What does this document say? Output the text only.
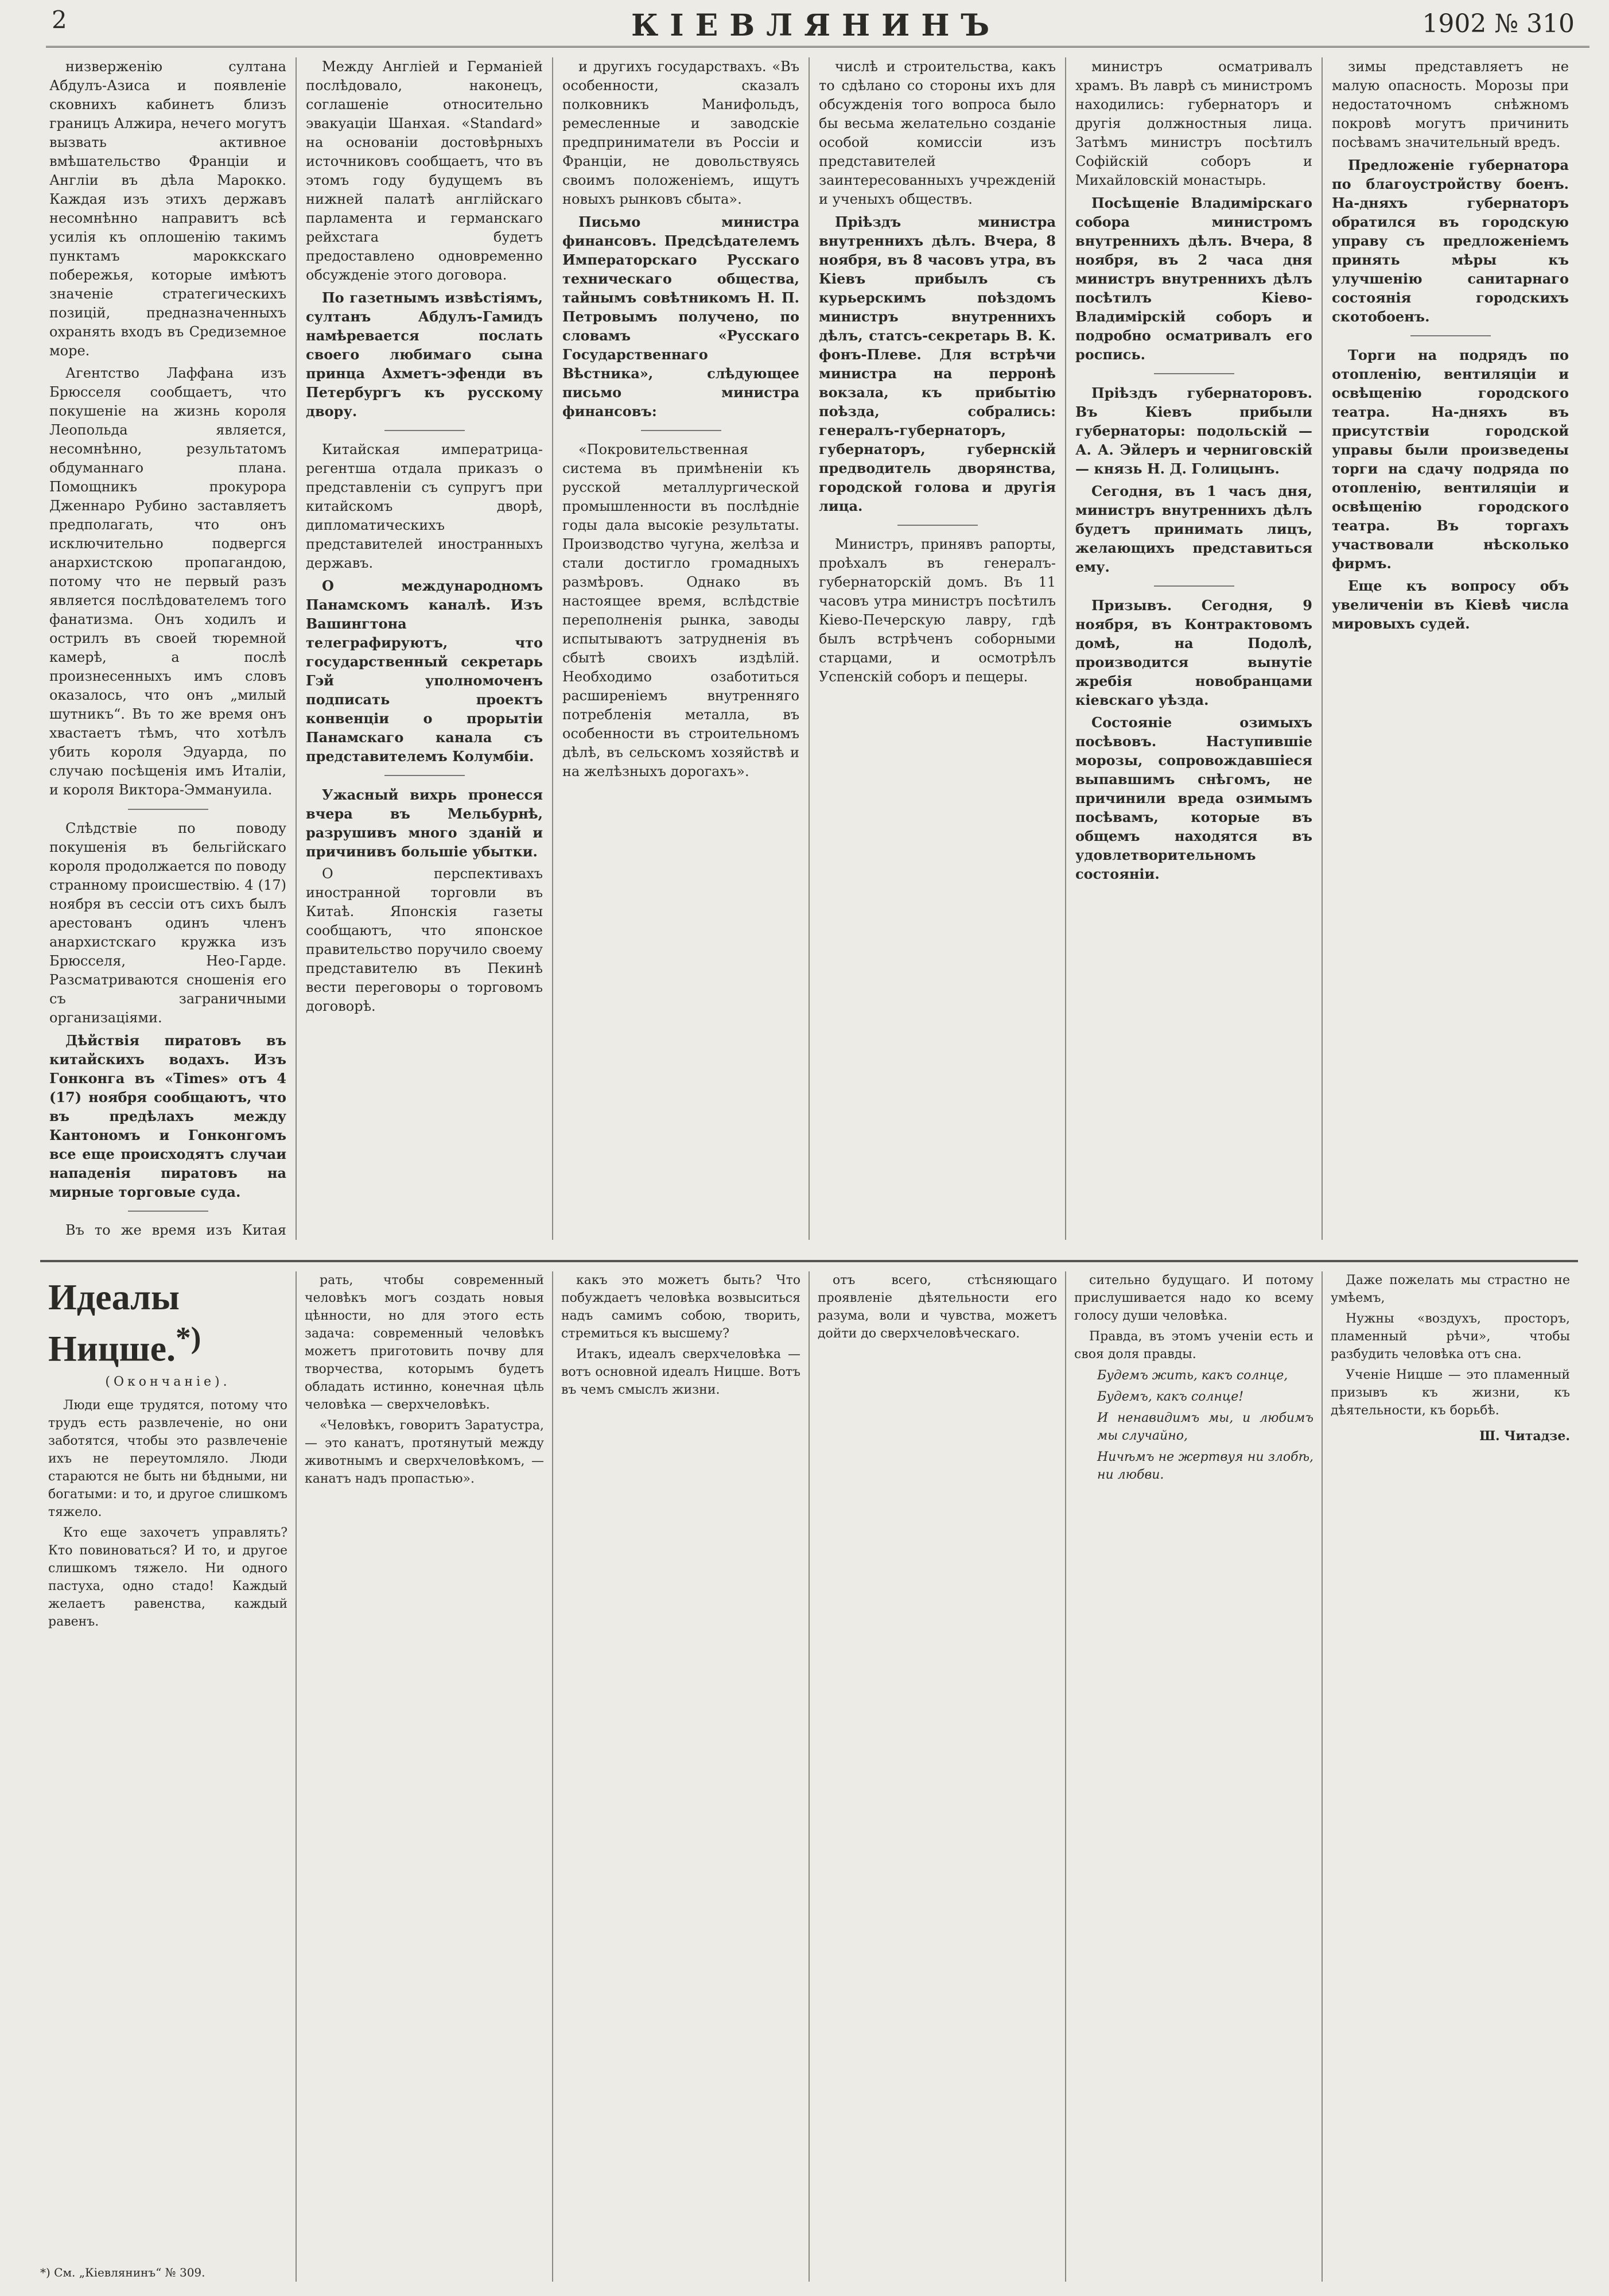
2	КІЕВЛЯНИНЪ	1902 № 310

низверженію султана Абдулъ-Азиса и появленіе сковнихъ кабинетъ близъ границъ Алжира, нечего могутъ вызвать активное вмѣшательство Франціи и Англіи въ дѣла Марокко. Каждая изъ этихъ державъ несомнѣнно направитъ всѣ усилія къ оплошенію такимъ пунктамъ мароккскаго побережья, которые имѣютъ значеніе стратегическихъ позицій, предназначенныхъ охранять входъ въ Средиземное море.

Агентство Лаффана изъ Брюсселя сообщаетъ, что покушеніе на жизнь короля Леопольда является, несомнѣнно, результатомъ обдуманнаго плана. Помощникъ прокурора Дженнаро Рубино заставляетъ предполагать, что онъ исключительно подвергся анархистскою пропагандою, потому что не первый разъ является послѣдователемъ того фанатизма. Онъ ходилъ и острилъ въ своей тюремной камерѣ, а послѣ произнесенныхъ имъ словъ оказалось, что онъ „милый шутникъ“. Въ то же время онъ хвастаетъ тѣмъ, что хотѣлъ убить короля Эдуарда, по случаю посѣщенія имъ Италіи, и короля Виктора-Эммануила.

Слѣдствіе по поводу покушенія въ бельгійскаго короля продолжается по поводу странному происшествію. 4 (17) ноября въ сессіи отъ сихъ былъ арестованъ одинъ членъ анархистскаго кружка изъ Брюсселя, Нео-Гарде. Разсматриваются сношенія его съ заграничными организаціями.

Дѣйствія пиратовъ въ китайскихъ водахъ. Изъ Гонконга въ «Times» отъ 4 (17) ноября сообщаютъ, что въ предѣлахъ между Кантономъ и Гонконгомъ все еще происходятъ случаи нападенія пиратовъ на мирные торговые суда.

Въ то же время изъ Китая

Между Англіей и Германіей послѣдовало, наконецъ, соглашеніе относительно эвакуаціи Шанхая. «Standard» на основаніи достовѣрныхъ источниковъ сообщаетъ, что въ этомъ году будущемъ въ нижней палатѣ англійскаго парламента и германскаго рейхстага будетъ предоставлено одновременно обсужденіе этого договора.

По газетнымъ извѣстіямъ, султанъ Абдулъ-Гамидъ намѣревается послать своего любимаго сына принца Ахметъ-эфенди въ Петербургъ къ русскому двору.

Китайская императрица-регентша отдала приказъ о представленіи съ супругъ при китайскомъ дворѣ, дипломатическихъ представителей иностранныхъ державъ.

О международномъ Панамскомъ каналѣ. Изъ Вашингтона телеграфируютъ, что государственный секретарь Гэй уполномоченъ подписать проектъ конвенціи о прорытіи Панамскаго канала съ представителемъ Колумбіи.

Ужасный вихрь пронесся вчера въ Мельбурнѣ, разрушивъ много зданій и причинивъ большіе убытки.

О перспективахъ иностранной торговли въ Китаѣ. Японскія газеты сообщаютъ, что японское правительство поручило своему представителю въ Пекинѣ вести переговоры о торговомъ договорѣ.

и другихъ государствахъ. «Въ особенности, сказалъ полковникъ Манифольдъ, ремесленные и заводскіе предприниматели въ Россіи и Франціи, не довольствуясь своимъ положеніемъ, ищутъ новыхъ рынковъ сбыта».

Письмо министра финансовъ. Предсѣдателемъ Императорскаго Русскаго техническаго общества, тайнымъ совѣтникомъ Н. П. Петровымъ получено, по словамъ «Русскаго Государственнаго Вѣстника», слѣдующее письмо министра финансовъ:

«Покровительственная система въ примѣненіи къ русской металлургической промышленности въ послѣдніе годы дала высокіе результаты. Производство чугуна, желѣза и стали достигло громадныхъ размѣровъ. Однако въ настоящее время, вслѣдствіе переполненія рынка, заводы испытываютъ затрудненія въ сбытѣ своихъ издѣлій. Необходимо озаботиться расширеніемъ внутренняго потребленія металла, въ особенности въ строительномъ дѣлѣ, въ сельскомъ хозяйствѣ и на желѣзныхъ дорогахъ».

числѣ и строительства, какъ то сдѣлано со стороны ихъ для обсужденія того вопроса было бы весьма желательно созданіе особой комиссіи изъ представителей заинтересованныхъ учрежденій и ученыхъ обществъ.

Пріѣздъ министра внутреннихъ дѣлъ. Вчера, 8 ноября, въ 8 часовъ утра, въ Кіевъ прибылъ съ курьерскимъ поѣздомъ министръ внутреннихъ дѣлъ, статсъ-секретарь В. К. фонъ-Плеве. Для встрѣчи министра на перронѣ вокзала, къ прибытію поѣзда, собрались: генералъ-губернаторъ, губернаторъ, губернскій предводитель дворянства, городской голова и другія лица.

Министръ, принявъ рапорты, проѣхалъ въ генералъ-губернаторскій домъ. Въ 11 часовъ утра министръ посѣтилъ Кіево-Печерскую лавру, гдѣ былъ встрѣченъ соборными старцами, и осмотрѣлъ Успенскій соборъ и пещеры.

министръ осматривалъ храмъ. Въ лаврѣ съ министромъ находились: губернаторъ и другія должностныя лица. Затѣмъ министръ посѣтилъ Софійскій соборъ и Михайловскій монастырь.

Посѣщеніе Владимірскаго собора министромъ внутреннихъ дѣлъ. Вчера, 8 ноября, въ 2 часа дня министръ внутреннихъ дѣлъ посѣтилъ Кіево-Владимірскій соборъ и подробно осматривалъ его роспись.

Пріѣздъ губернаторовъ. Въ Кіевъ прибыли губернаторы: подольскій — А. А. Эйлеръ и черниговскій — князь Н. Д. Голицынъ.

Сегодня, въ 1 часъ дня, министръ внутреннихъ дѣлъ будетъ принимать лицъ, желающихъ представиться ему.

Призывъ. Сегодня, 9 ноября, въ Контрактовомъ домѣ, на Подолѣ, производится вынутіе жребія новобранцами кіевскаго уѣзда.

Состояніе озимыхъ посѣвовъ. Наступившіе морозы, сопровождавшіеся выпавшимъ снѣгомъ, не причинили вреда озимымъ посѣвамъ, которые въ общемъ находятся въ удовлетворительномъ состояніи.

зимы представляетъ не малую опасность. Морозы при недостаточномъ снѣжномъ покровѣ могутъ причинить посѣвамъ значительный вредъ.

Предложеніе губернатора по благоустройству боенъ. На-дняхъ губернаторъ обратился въ городскую управу съ предложеніемъ принять мѣры къ улучшенію санитарнаго состоянія городскихъ скотобоенъ.

Торги на подрядъ по отопленію, вентиляціи и освѣщенію городского театра. На-дняхъ въ присутствіи городской управы были произведены торги на сдачу подряда по отопленію, вентиляціи и освѣщенію городского театра. Въ торгахъ участвовали нѣсколько фирмъ.

Еще къ вопросу объ увеличеніи въ Кіевѣ числа мировыхъ судей.

Идеалы Ницше.*)
(Окончаніе).

Люди еще трудятся, потому что трудъ есть развлеченіе, но они заботятся, чтобы это развлеченіе ихъ не переутомляло. Люди стараются не быть ни бѣдными, ни богатыми: и то, и другое слишкомъ тяжело.

Кто еще захочетъ управлять? Кто повиноваться? И то, и другое слишкомъ тяжело. Ни одного пастуха, одно стадо! Каждый желаетъ равенства, каждый равенъ.

*) См. „Кіевлянинъ“ № 309.

рать, чтобы современный человѣкъ могъ создать новыя цѣнности, но для этого есть задача: современный человѣкъ можетъ приготовить почву для творчества, которымъ будетъ обладать истинно, конечная цѣль человѣка — сверхчеловѣкъ.

«Человѣкъ, говоритъ Заратустра, — это канатъ, протянутый между животнымъ и сверхчеловѣкомъ, — канатъ надъ пропастью».

какъ это можетъ быть? Что побуждаетъ человѣка возвыситься надъ самимъ собою, творить, стремиться къ высшему?

Итакъ, идеалъ сверхчеловѣка — вотъ основной идеалъ Ницше. Вотъ въ чемъ смыслъ жизни.

отъ всего, стѣсняющаго проявленіе дѣятельности его разума, воли и чувства, можетъ дойти до сверхчеловѣческаго.

сительно будущаго. И потому прислушивается надо ко всему голосу души человѣка.

Правда, въ этомъ ученіи есть и своя доля правды.

Будемъ жить, какъ солнце,

Будемъ, какъ солнце!

И ненавидимъ мы, и любимъ мы случайно,

Ничѣмъ не жертвуя ни злобѣ, ни любви.

Даже пожелать мы страстно не умѣемъ,

Нужны «воздухъ, просторъ, пламенный рѣчи», чтобы разбудить человѣка отъ сна.

Ученіе Ницше — это пламенный призывъ къ жизни, къ дѣятельности, къ борьбѣ.

Ш. Читадзе.
